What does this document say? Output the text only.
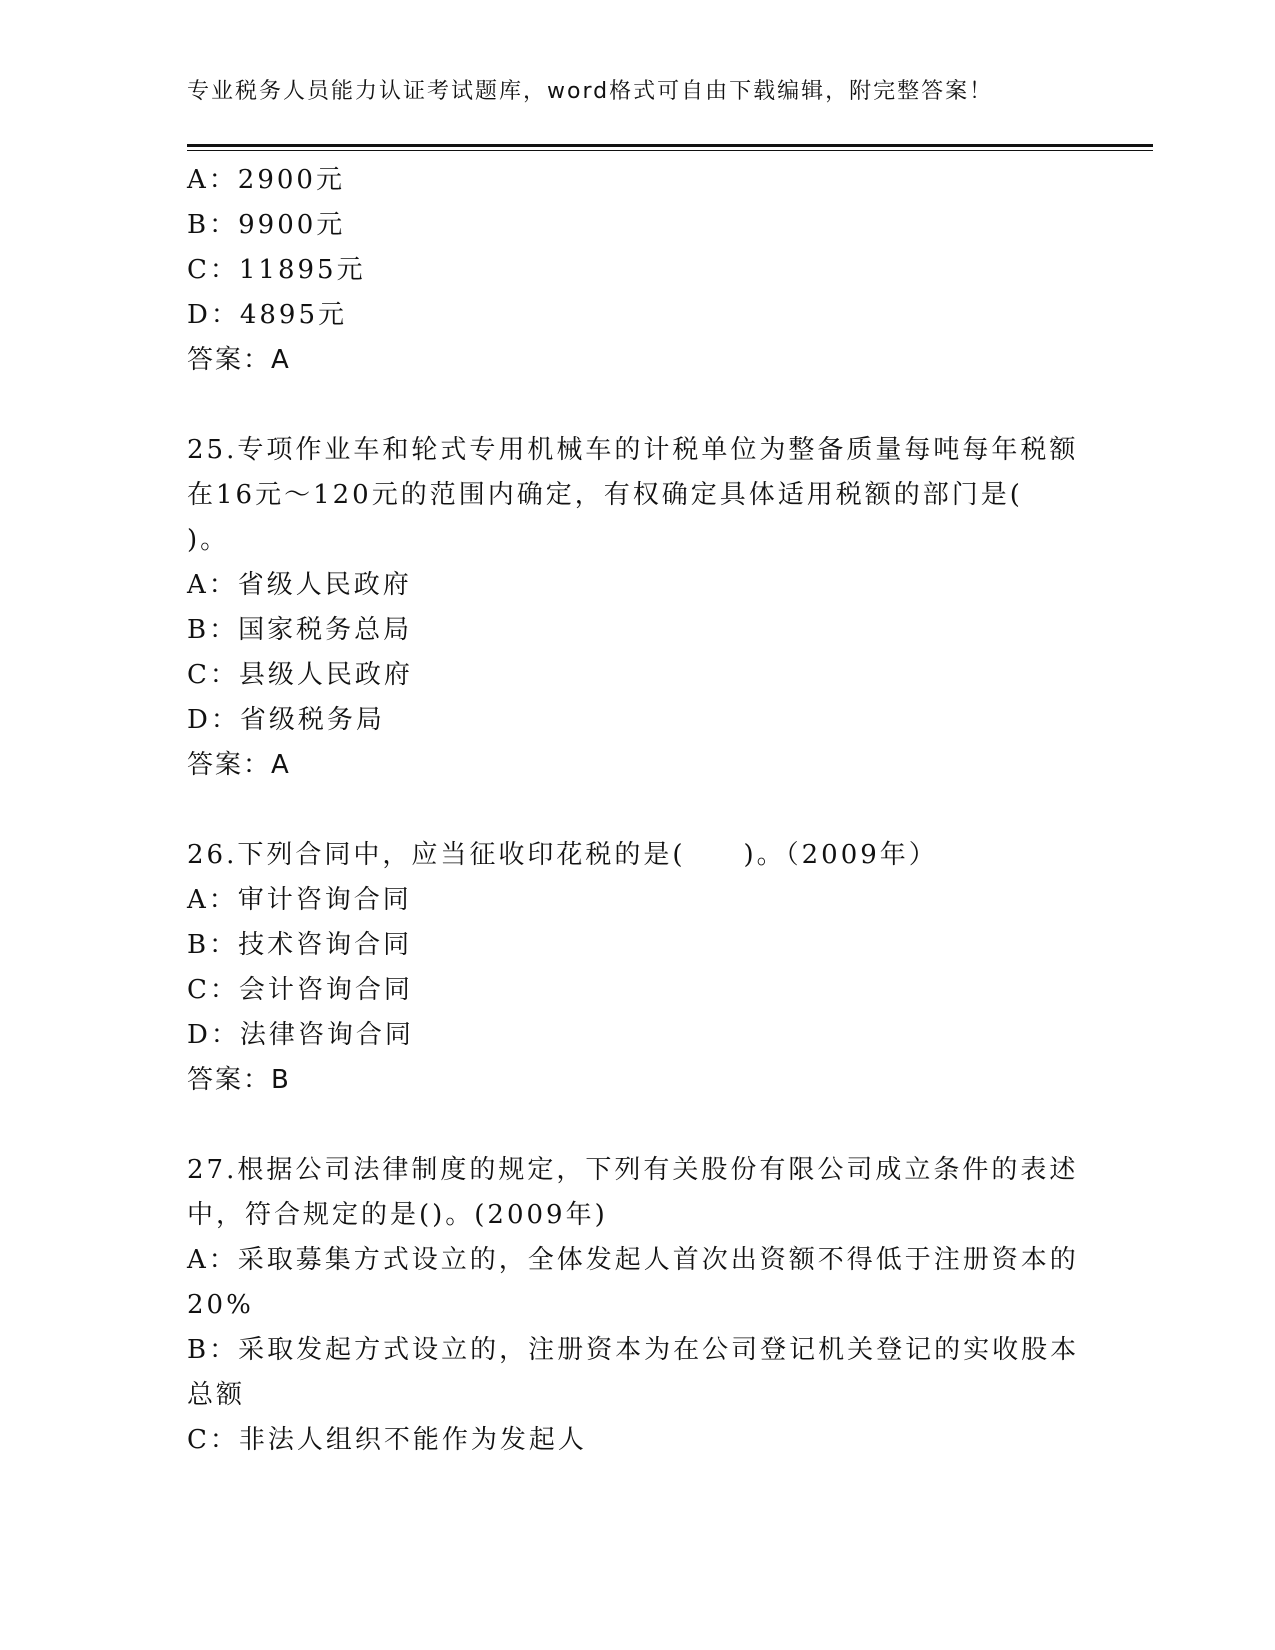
专业税务人员能力认证考试题库，word格式可自由下载编辑，附完整答案！
A：2900元
B：9900元
C：11895元
D：4895元
答案：A
25.专项作业车和轮式专用机械车的计税单位为整备质量每吨每年税额
在16元～120元的范围内确定，有权确定具体适用税额的部门是(
)。
A：省级人民政府
B：国家税务总局
C：县级人民政府
D：省级税务局
答案：A
26.下列合同中，应当征收印花税的是(　　)。（2009年）
A：审计咨询合同
B：技术咨询合同
C：会计咨询合同
D：法律咨询合同
答案：B
27.根据公司法律制度的规定，下列有关股份有限公司成立条件的表述
中，符合规定的是()。(2009年)
A：采取募集方式设立的，全体发起人首次出资额不得低于注册资本的
20%
B：采取发起方式设立的，注册资本为在公司登记机关登记的实收股本
总额
C：非法人组织不能作为发起人
